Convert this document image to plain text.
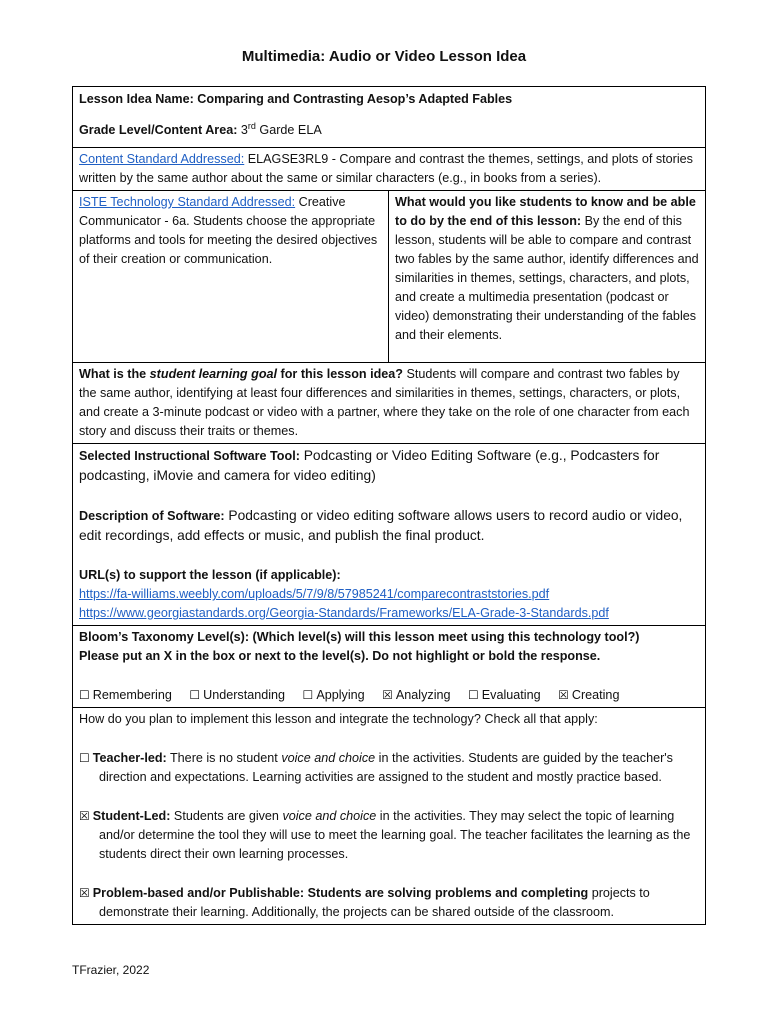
Multimedia: Audio or Video Lesson Idea

Lesson Idea Name: Comparing and Contrasting Aesop’s Adapted Fables

Grade Level/Content Area: 3rd Garde ELA

Content Standard Addressed: ELAGSE3RL9 - Compare and contrast the themes, settings, and plots of stories written by the same author about the same or similar characters (e.g., in books from a series).

ISTE Technology Standard Addressed: Creative Communicator - 6a. Students choose the appropriate platforms and tools for meeting the desired objectives of their creation or communication.

What would you like students to know and be able to do by the end of this lesson: By the end of this lesson, students will be able to compare and contrast two fables by the same author, identify differences and similarities in themes, settings, characters, and plots, and create a multimedia presentation (podcast or video) demonstrating their understanding of the fables and their elements.

What is the student learning goal for this lesson idea? Students will compare and contrast two fables by the same author, identifying at least four differences and similarities in themes, settings, characters, or plots, and create a 3-minute podcast or video with a partner, where they take on the role of one character from each story and discuss their traits or themes.

Selected Instructional Software Tool: Podcasting or Video Editing Software (e.g., Podcasters for podcasting, iMovie and camera for video editing)

Description of Software: Podcasting or video editing software allows users to record audio or video, edit recordings, add effects or music, and publish the final product.

URL(s) to support the lesson (if applicable):

https://fa-williams.weebly.com/uploads/5/7/9/8/57985241/comparecontraststories.pdf

https://www.georgiastandards.org/Georgia-Standards/Frameworks/ELA-Grade-3-Standards.pdf

Bloom’s Taxonomy Level(s): (Which level(s) will this lesson meet using this technology tool?)

Please put an X in the box or next to the level(s). Do not highlight or bold the response.

☐ Remembering ☐ Understanding ☐ Applying ☒ Analyzing ☐ Evaluating ☒ Creating

How do you plan to implement this lesson and integrate the technology? Check all that apply:

☐ Teacher-led: There is no student voice and choice in the activities. Students are guided by the teacher's direction and expectations. Learning activities are assigned to the student and mostly practice based.

☒ Student-Led: Students are given voice and choice in the activities. They may select the topic of learning and/or determine the tool they will use to meet the learning goal. The teacher facilitates the learning as the students direct their own learning processes.

☒ Problem-based and/or Publishable: Students are solving problems and completing projects to demonstrate their learning. Additionally, the projects can be shared outside of the classroom.

TFrazier, 2022
